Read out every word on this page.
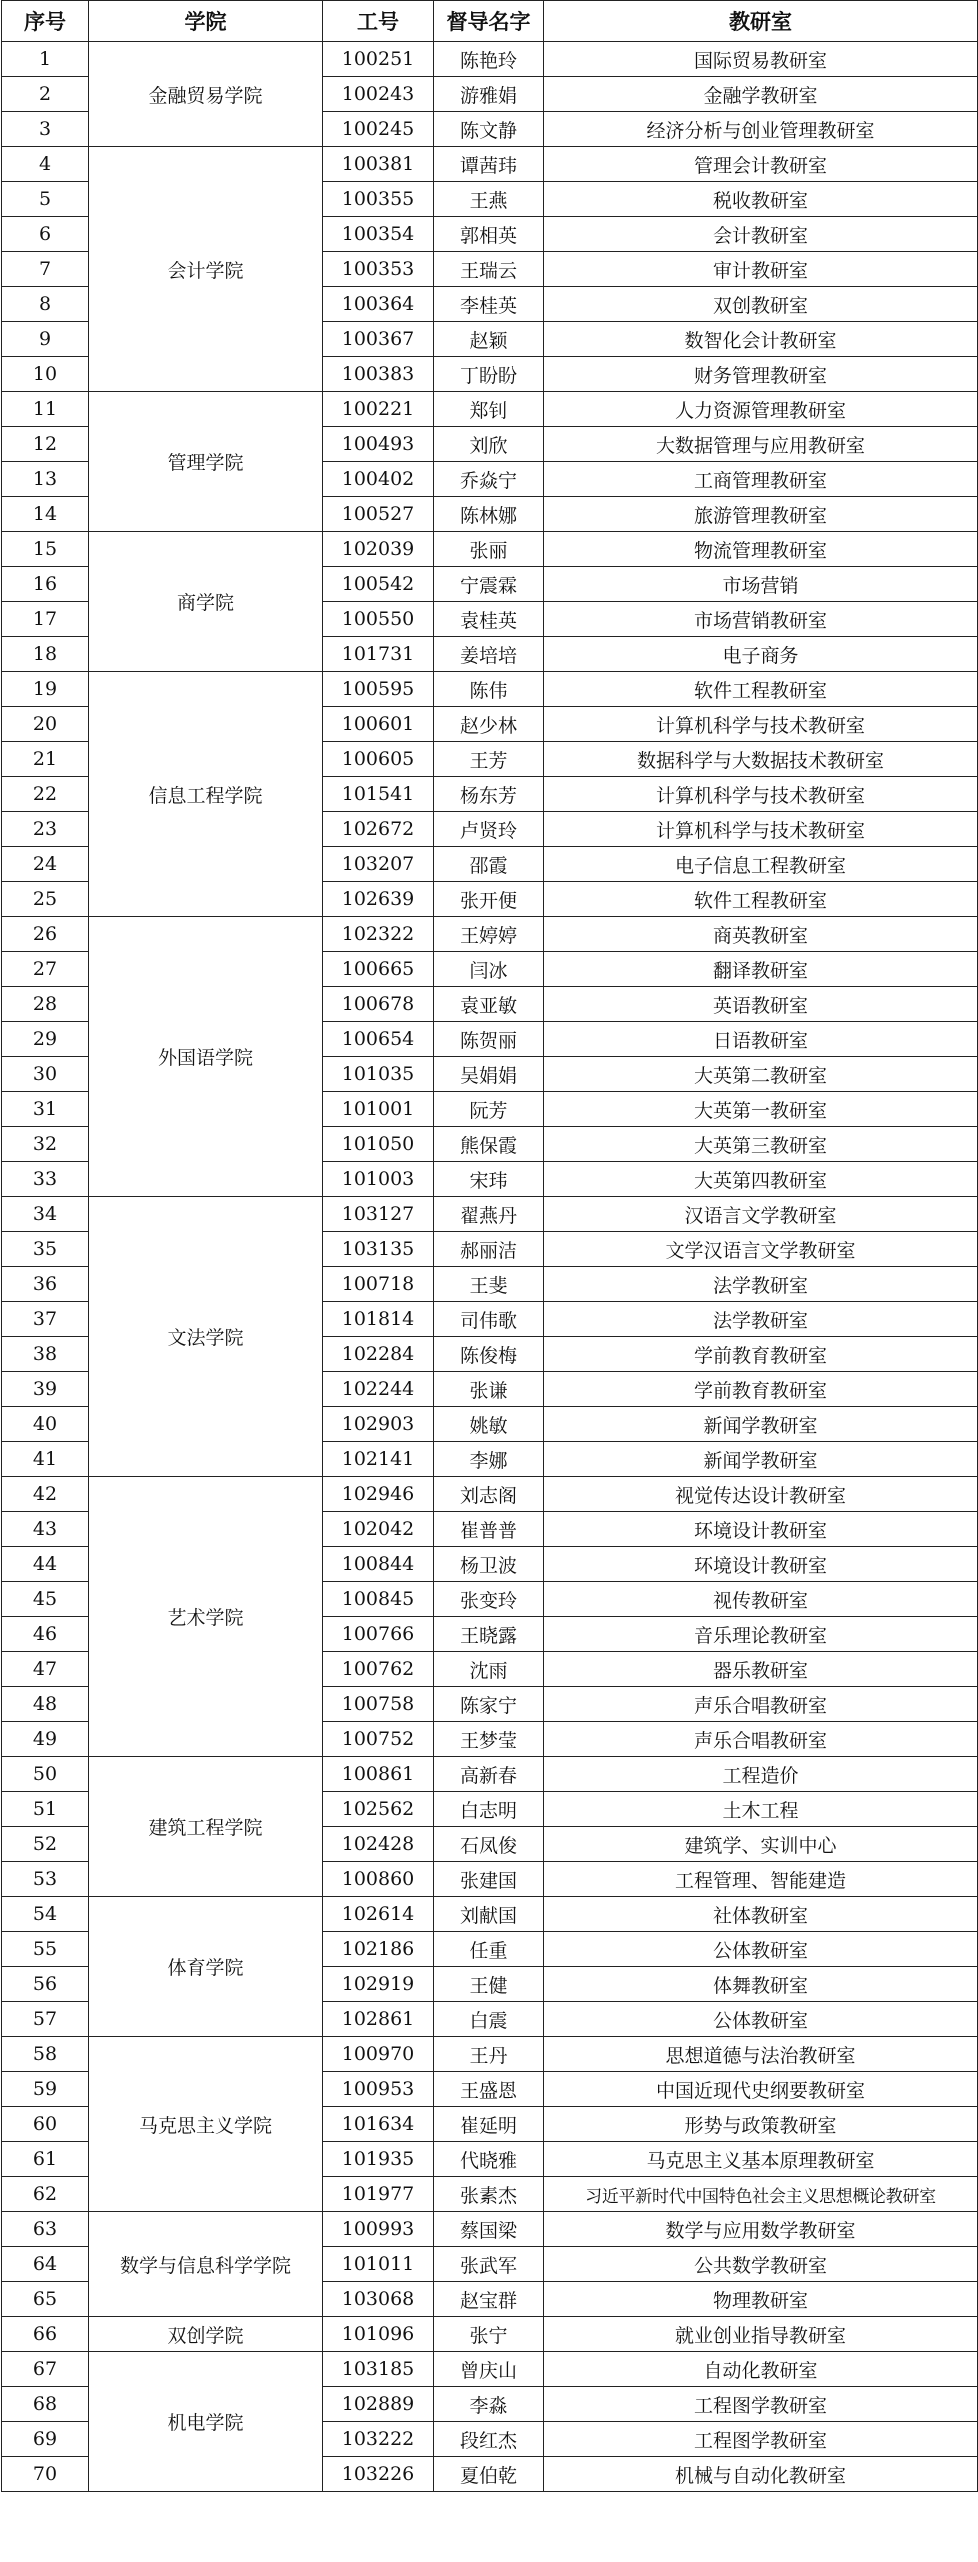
序号	学院	工号	督导名字	教研室
1	金融贸易学院	100251	陈艳玲	国际贸易教研室
2		100243	游雅娟	金融学教研室
3		100245	陈文静	经济分析与创业管理教研室
4	会计学院	100381	谭茜玮	管理会计教研室
5		100355	王燕	税收教研室
6		100354	郭相英	会计教研室
7		100353	王瑞云	审计教研室
8		100364	李桂英	双创教研室
9		100367	赵颖	数智化会计教研室
10		100383	丁盼盼	财务管理教研室
11	管理学院	100221	郑钊	人力资源管理教研室
12		100493	刘欣	大数据管理与应用教研室
13		100402	乔焱宁	工商管理教研室
14		100527	陈林娜	旅游管理教研室
15	商学院	102039	张丽	物流管理教研室
16		100542	宁震霖	市场营销
17		100550	袁桂英	市场营销教研室
18		101731	姜培培	电子商务
19	信息工程学院	100595	陈伟	软件工程教研室
20		100601	赵少林	计算机科学与技术教研室
21		100605	王芳	数据科学与大数据技术教研室
22		101541	杨东芳	计算机科学与技术教研室
23		102672	卢贤玲	计算机科学与技术教研室
24		103207	邵霞	电子信息工程教研室
25		102639	张开便	软件工程教研室
26	外国语学院	102322	王婷婷	商英教研室
27		100665	闫冰	翻译教研室
28		100678	袁亚敏	英语教研室
29		100654	陈贺丽	日语教研室
30		101035	吴娟娟	大英第二教研室
31		101001	阮芳	大英第一教研室
32		101050	熊保霞	大英第三教研室
33		101003	宋玮	大英第四教研室
34	文法学院	103127	翟燕丹	汉语言文学教研室
35		103135	郝丽洁	文学汉语言文学教研室
36		100718	王斐	法学教研室
37		101814	司伟歌	法学教研室
38		102284	陈俊梅	学前教育教研室
39		102244	张谦	学前教育教研室
40		102903	姚敏	新闻学教研室
41		102141	李娜	新闻学教研室
42	艺术学院	102946	刘志阁	视觉传达设计教研室
43		102042	崔普普	环境设计教研室
44		100844	杨卫波	环境设计教研室
45		100845	张变玲	视传教研室
46		100766	王晓露	音乐理论教研室
47		100762	沈雨	器乐教研室
48		100758	陈家宁	声乐合唱教研室
49		100752	王梦莹	声乐合唱教研室
50	建筑工程学院	100861	高新春	工程造价
51		102562	白志明	土木工程
52		102428	石凤俊	建筑学、实训中心
53		100860	张建国	工程管理、智能建造
54	体育学院	102614	刘献国	社体教研室
55		102186	任重	公体教研室
56		102919	王健	体舞教研室
57		102861	白震	公体教研室
58	马克思主义学院	100970	王丹	思想道德与法治教研室
59		100953	王盛恩	中国近现代史纲要教研室
60		101634	崔延明	形势与政策教研室
61		101935	代晓雅	马克思主义基本原理教研室
62		101977	张素杰	习近平新时代中国特色社会主义思想概论教研室
63	数学与信息科学学院	100993	蔡国梁	数学与应用数学教研室
64		101011	张武军	公共数学教研室
65		103068	赵宝群	物理教研室
66	双创学院	101096	张宁	就业创业指导教研室
67	机电学院	103185	曾庆山	自动化教研室
68		102889	李淼	工程图学教研室
69		103222	段红杰	工程图学教研室
70		103226	夏伯乾	机械与自动化教研室
